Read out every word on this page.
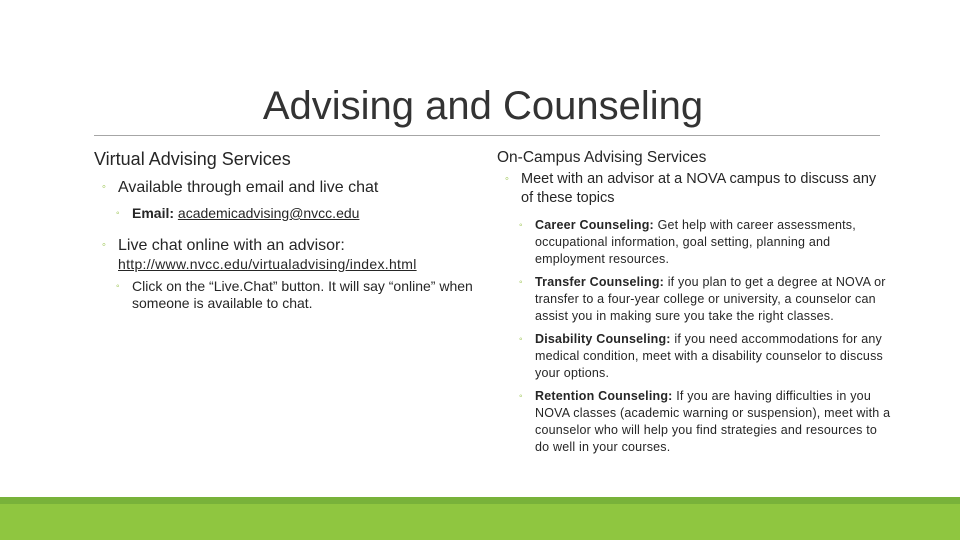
Advising and Counseling

Virtual Advising Services

◦ Available through email and live chat
◦ Email: academicadvising@nvcc.edu
◦ Live chat online with an advisor:
http://www.nvcc.edu/virtualadvising/index.html
◦ Click on the “Live.Chat” button. It will say “online” when someone is available to chat.

On-Campus Advising Services

◦ Meet with an advisor at a NOVA campus to discuss any of these topics
◦ Career Counseling: Get help with career assessments, occupational information, goal setting, planning and employment resources.
◦ Transfer Counseling: if you plan to get a degree at NOVA or transfer to a four-year college or university, a counselor can assist you in making sure you take the right classes.
◦ Disability Counseling: if you need accommodations for any medical condition, meet with a disability counselor to discuss your options.
◦ Retention Counseling: If you are having difficulties in you NOVA classes (academic warning or suspension), meet with a counselor who will help you find strategies and resources to do well in your courses.
